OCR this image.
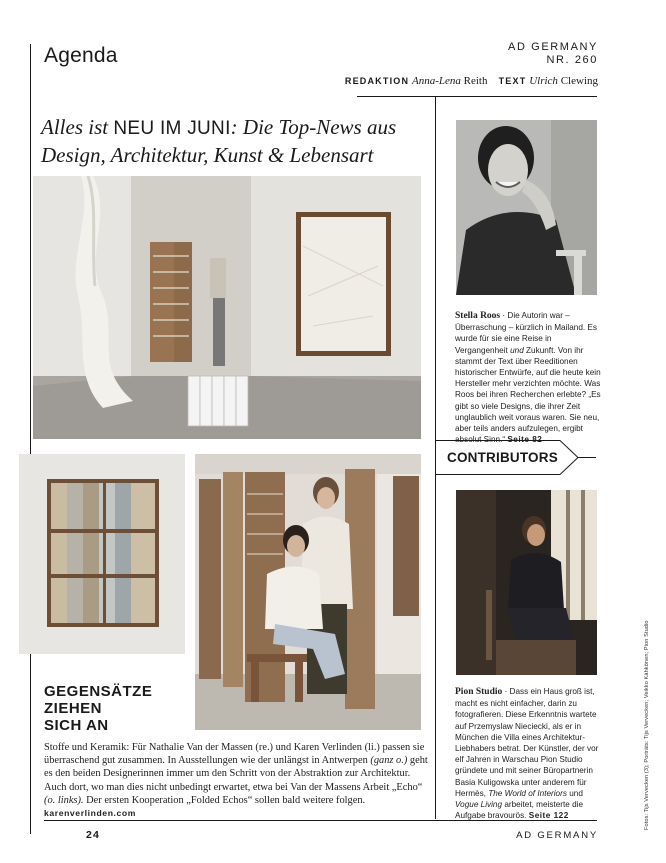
Agenda	AD GERMANY
NR. 260
REDAKTION Anna-Lena Reith TEXT Ulrich Clewing
Alles ist NEU IM JUNI: Die Top-News aus Design, Architektur, Kunst & Lebensart
GEGENSÄTZE
ZIEHEN
SICH AN
Stoffe und Keramik: Für Nathalie Van der Massen (re.) und Karen Verlinden (li.) passen sie überraschend gut zusammen. In Ausstellungen wie der unlängst in Antwerpen (ganz o.) geht es den beiden Designerinnen immer um den Schritt von der Abstraktion zur Architektur. Auch dort, wo man dies nicht unbedingt erwartet, etwa bei Van der Massens Arbeit „Echo“ (o. links). Der ersten Kooperation „Folded Echos“ sollen bald weitere folgen. karenverlinden.com
Stella Roos · Die Autorin war – Überraschung – kürzlich in Mailand. Es wurde für sie eine Reise in Vergangenheit und Zukunft. Von ihr stammt der Text über Reeditionen historischer Entwürfe, auf die heute kein Hersteller mehr verzichten möchte. Was Roos bei ihren Recherchen erlebte? „Es gibt so viele Designs, die ihrer Zeit unglaublich weit voraus waren. Sie neu, aber teils anders aufzulegen, ergibt absolut Sinn.“ Seite 82
CONTRIBUTORS
Pion Studio · Dass ein Haus groß ist, macht es nicht einfacher, darin zu fotografieren. Diese Erkenntnis wartete auf Przemyslaw Nieciecki, als er in München die Villa eines Architektur-Liebhabers betrat. Der Künstler, der vor elf Jahren in Warschau Pion Studio gründete und mit seiner Büropartnerin Basia Kuligowska unter anderem für Hermès, The World of Interiors und Vogue Living arbeitet, meisterte die Aufgabe bravourös. Seite 122	Fotos: Tijs Vervecken (3); Porträts: Tijs Vervecken; Veikko Kähkönen; Pion Studio
24	AD GERMANY
